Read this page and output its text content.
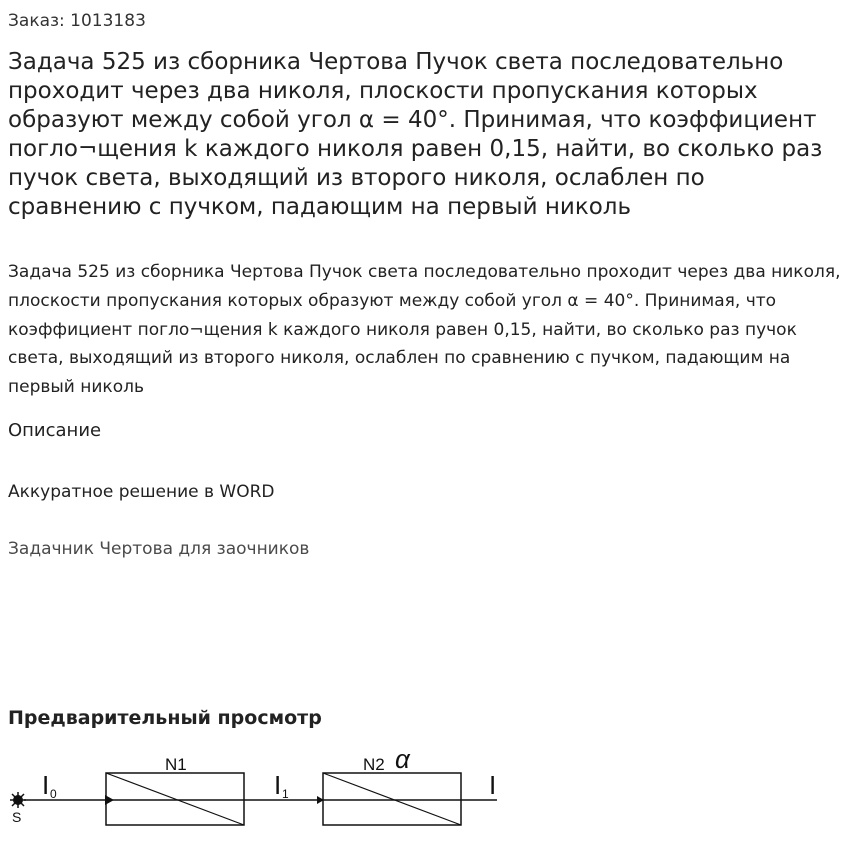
Заказ: 1013183
Задача 525 из сборника Чертова Пучок света последовательно проходит через два николя, плоскости пропускания которых образуют между собой угол α = 40°. Принимая, что коэффициент погло¬щения k каждого николя равен 0,15, найти, во сколько раз пучок света, выходящий из второго николя, ослаблен по сравнению с пучком, падающим на первый николь
Задача 525 из сборника Чертова Пучок света последовательно проходит через два николя, плоскости пропускания которых образуют между собой угол α = 40°. Принимая, что коэффициент погло¬щения k каждого николя равен 0,15, найти, во сколько раз пучок света, выходящий из второго николя, ослаблен по сравнению с пучком, падающим на первый николь
Описание
Аккуратное решение в WORD
Задачник Чертова для заочников
Предварительный просмотр
S
I 0
N1
I 1
N2 α
I
